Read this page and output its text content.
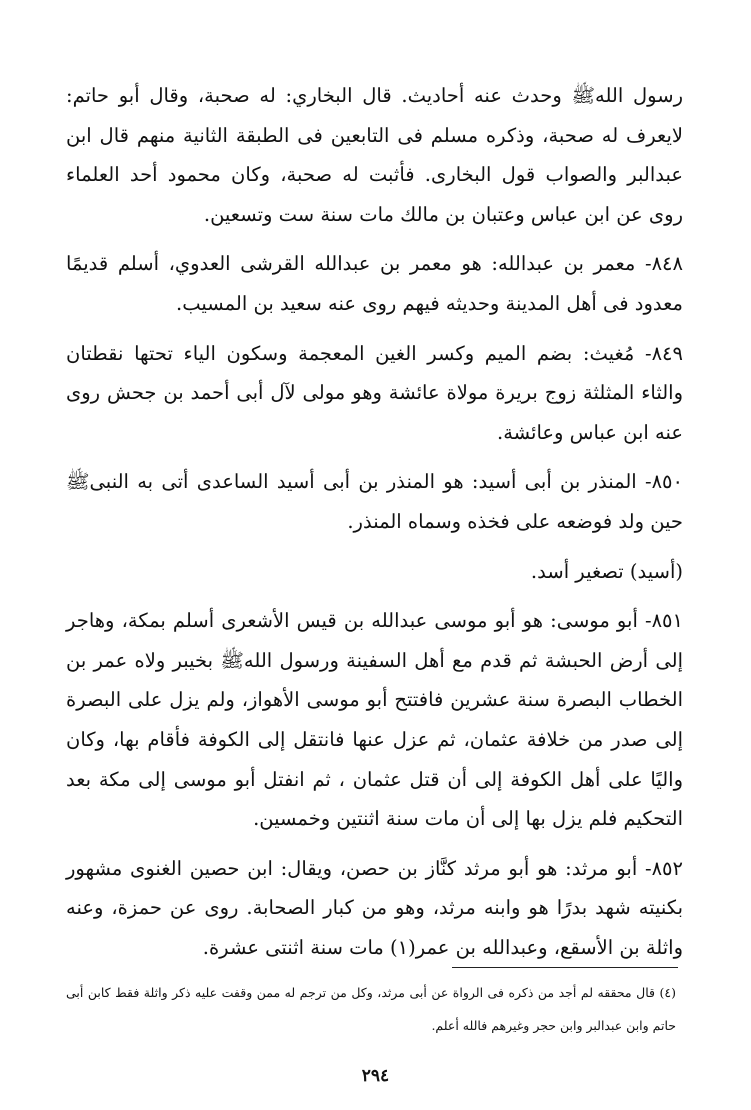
رسول اللهﷺ وحدث عنه أحاديث. قال البخاري: له صحبة، وقال أبو حاتم: لايعرف له صحبة، وذكره مسلم فى التابعين فى الطبقة الثانية منهم قال ابن عبدالبر والصواب قول البخارى. فأثبت له صحبة، وكان محمود أحد العلماء روى عن ابن عباس وعتبان بن مالك مات سنة ست وتسعين.

٨٤٨- معمر بن عبدالله: هو معمر بن عبدالله القرشى العدوي، أسلم قديمًا معدود فى أهل المدينة وحديثه فيهم روى عنه سعيد بن المسيب.

٨٤٩- مُغيث: بضم الميم وكسر الغين المعجمة وسكون الياء تحتها نقطتان والثاء المثلثة زوج بريرة مولاة عائشة وهو مولى لآل أبى أحمد بن جحش روى عنه ابن عباس وعائشة.

٨٥٠- المنذر بن أبى أسيد: هو المنذر بن أبى أسيد الساعدى أتى به النبىﷺ حين ولد فوضعه على فخذه وسماه المنذر.

(أسيد) تصغير أسد.

٨٥١- أبو موسى: هو أبو موسى عبدالله بن قيس الأشعرى أسلم بمكة، وهاجر إلى أرض الحبشة ثم قدم مع أهل السفينة ورسول اللهﷺ بخيبر ولاه عمر بن الخطاب البصرة سنة عشرين فافتتح أبو موسى الأهواز، ولم يزل على البصرة إلى صدر من خلافة عثمان، ثم عزل عنها فانتقل إلى الكوفة فأقام بها، وكان واليًا على أهل الكوفة إلى أن قتل عثمان ، ثم انفتل أبو موسى إلى مكة بعد التحكيم فلم يزل بها إلى أن مات سنة اثنتين وخمسين.

٨٥٢- أبو مرثد: هو أبو مرثد كنَّاز بن حصن، ويقال: ابن حصين الغنوى مشهور بكنيته شهد بدرًا هو وابنه مرثد، وهو من كبار الصحابة. روى عن حمزة، وعنه واثلة بن الأسقع، وعبدالله بن عمر(١) مات سنة اثنتى عشرة.

(٤) قال محققه لم أجد من ذكره فى الرواة عن أبى مرثد، وكل من ترجم له ممن وقفت عليه ذكر واثلة فقط كابن أبى حاتم وابن عبدالبر وابن حجر وغيرهم فالله أعلم.

٢٩٤
